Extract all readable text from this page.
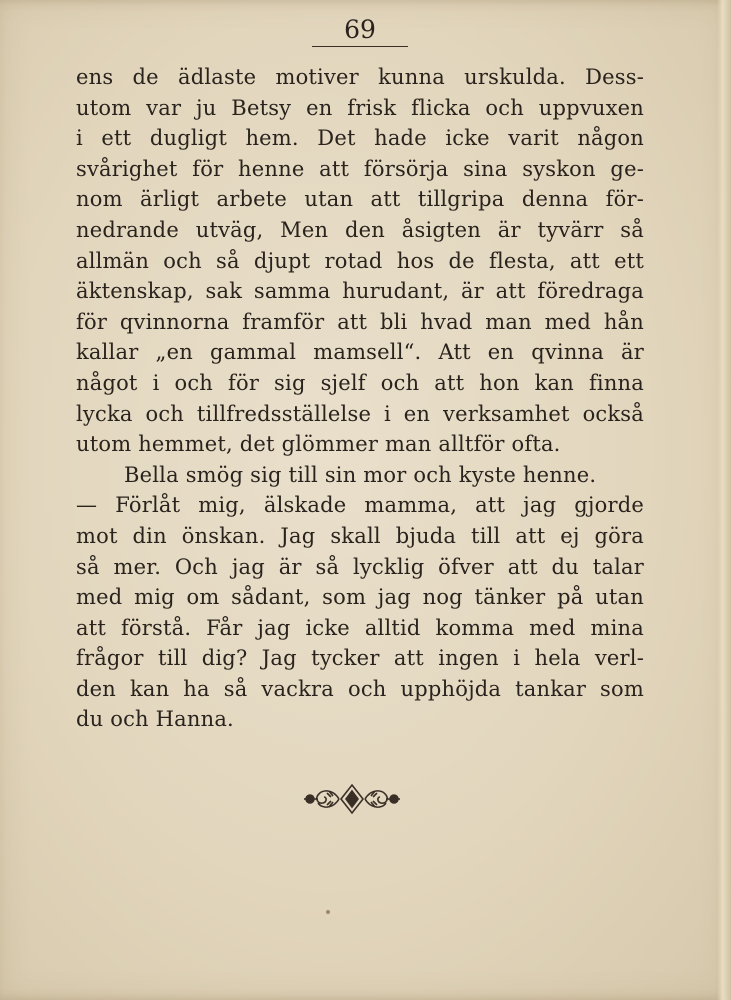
69
ens de ädlaste motiver kunna urskulda. Dess-
utom var ju Betsy en frisk flicka och uppvuxen
i ett dugligt hem. Det hade icke varit någon
svårighet för henne att försörja sina syskon ge-
nom ärligt arbete utan att tillgripa denna för-
nedrande utväg, Men den åsigten är tyvärr så
allmän och så djupt rotad hos de flesta, att ett
äktenskap, sak samma hurudant, är att föredraga
för qvinnorna framför att bli hvad man med hån
kallar „en gammal mamsell“. Att en qvinna är
något i och för sig sjelf och att hon kan finna
lycka och tillfredsställelse i en verksamhet också
utom hemmet, det glömmer man alltför ofta.
Bella smög sig till sin mor och kyste henne.
— Förlåt mig, älskade mamma, att jag gjorde
mot din önskan. Jag skall bjuda till att ej göra
så mer. Och jag är så lycklig öfver att du talar
med mig om sådant, som jag nog tänker på utan
att förstå. Får jag icke alltid komma med mina
frågor till dig? Jag tycker att ingen i hela verl-
den kan ha så vackra och upphöjda tankar som
du och Hanna.
